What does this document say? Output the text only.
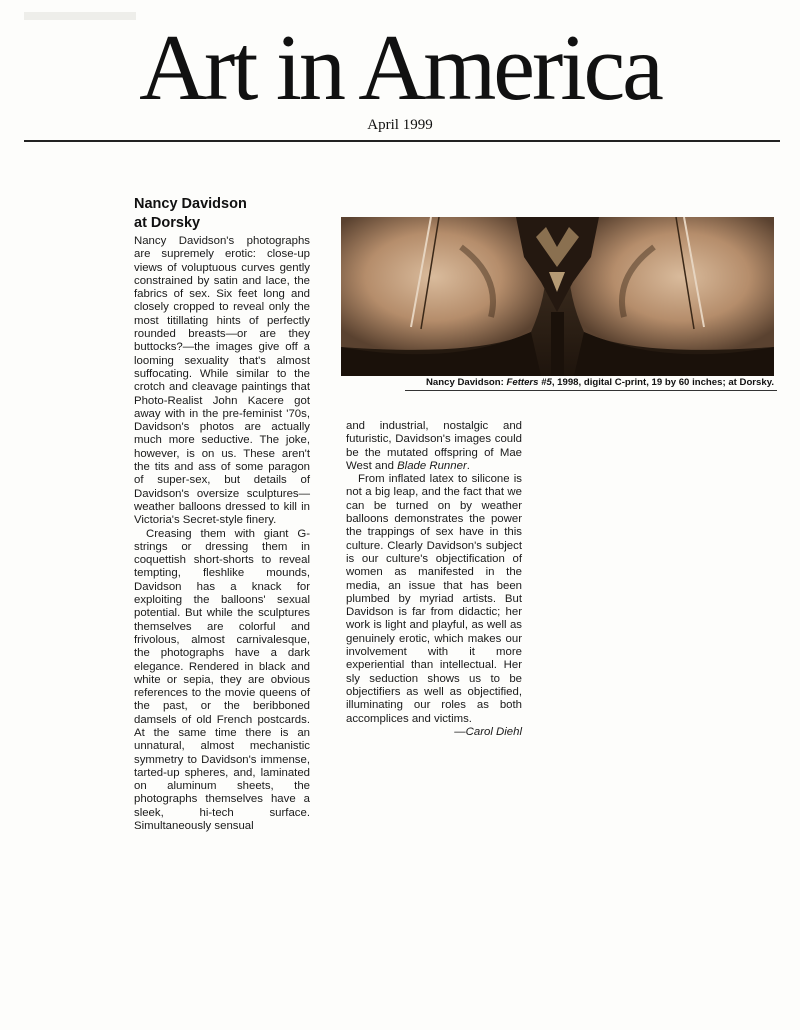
Art in America
April 1999
Nancy Davidson
at Dorsky

Nancy Davidson's photographs are supremely erotic: close-up views of voluptuous curves gently constrained by satin and lace, the fabrics of sex. Six feet long and closely cropped to reveal only the most titillating hints of perfectly rounded breasts—or are they buttocks?—the images give off a looming sexuality that's almost suffocating. While similar to the crotch and cleavage paintings that Photo-Realist John Kacere got away with in the pre-feminist '70s, Davidson's photos are actually much more seductive. The joke, however, is on us. These aren't the tits and ass of some paragon of super-sex, but details of Davidson's oversize sculptures—weather balloons dressed to kill in Victoria's Secret-style finery.

Creasing them with giant G-strings or dressing them in coquettish short-shorts to reveal tempting, fleshlike mounds, Davidson has a knack for exploiting the balloons' sexual potential. But while the sculptures themselves are colorful and frivolous, almost carnivalesque, the photographs have a dark elegance. Rendered in black and white or sepia, they are obvious references to the movie queens of the past, or the beribboned damsels of old French postcards. At the same time there is an unnatural, almost mechanistic symmetry to Davidson's immense, tarted-up spheres, and, laminated on aluminum sheets, the photographs themselves have a sleek, hi-tech surface. Simultaneously sensual

Nancy Davidson: Fetters #5, 1998, digital C-print, 19 by 60 inches; at Dorsky.

and industrial, nostalgic and futuristic, Davidson's images could be the mutated offspring of Mae West and Blade Runner.

From inflated latex to silicone is not a big leap, and the fact that we can be turned on by weather balloons demonstrates the power the trappings of sex have in this culture. Clearly Davidson's subject is our culture's objectification of women as manifested in the media, an issue that has been plumbed by myriad artists. But Davidson is far from didactic; her work is light and playful, as well as genuinely erotic, which makes our involvement with it more experiential than intellectual. Her sly seduction shows us to be objectifiers as well as objectified, illuminating our roles as both accomplices and victims.

—Carol Diehl
